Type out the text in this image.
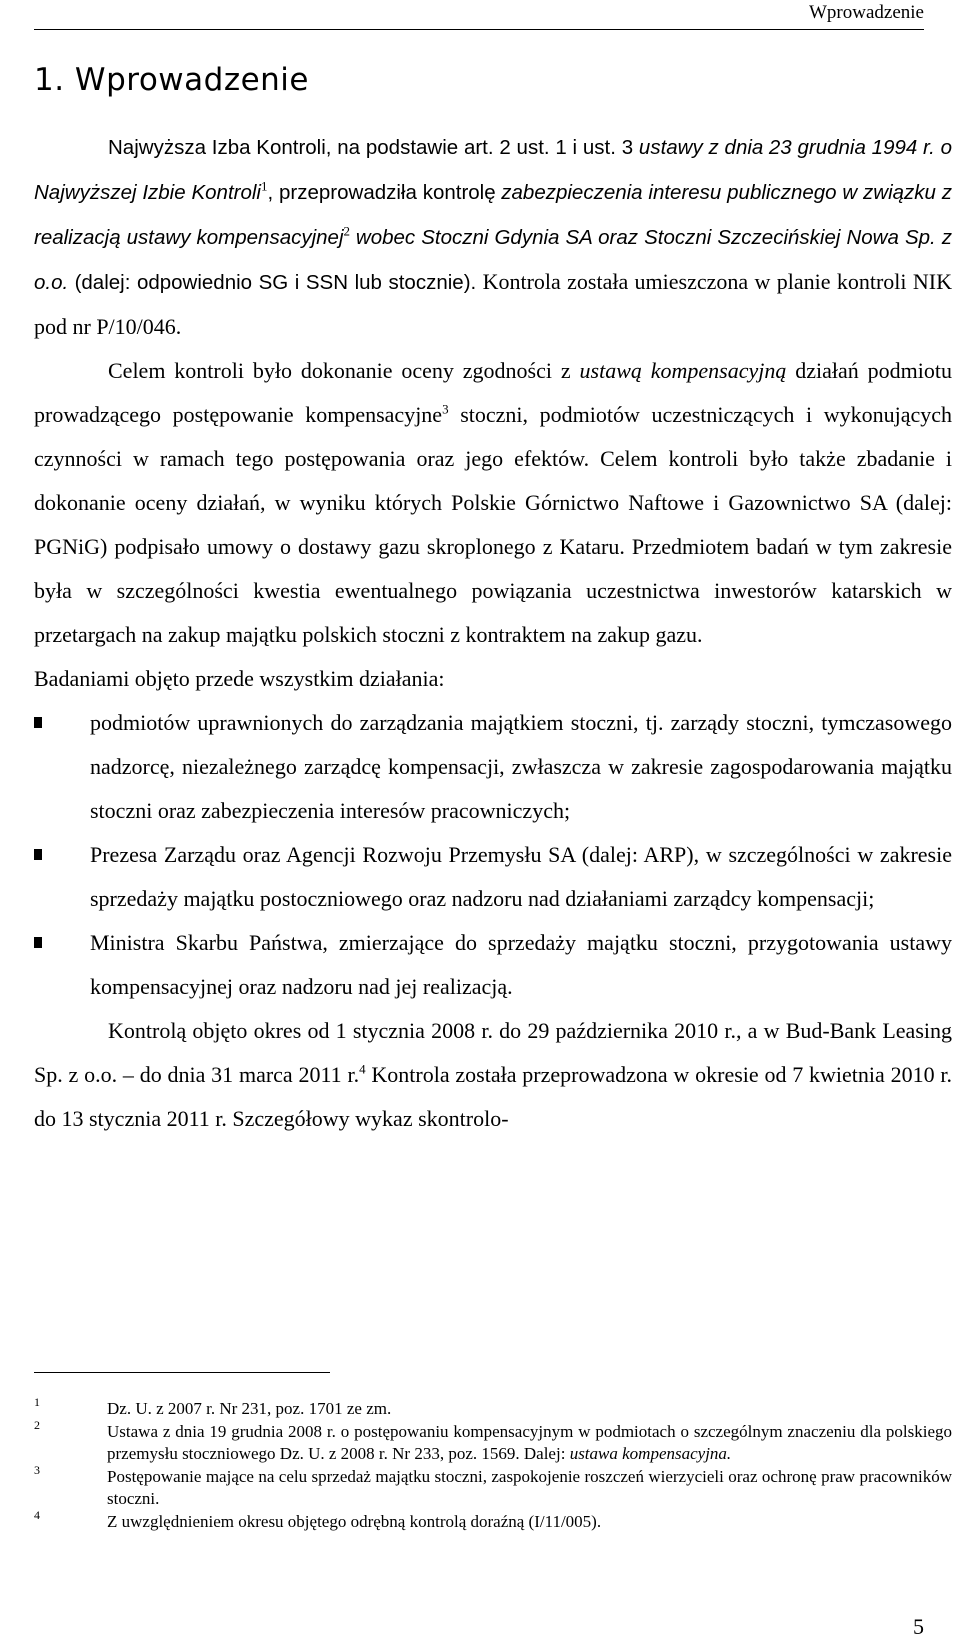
Wprowadzenie
1. Wprowadzenie

Najwyższa Izba Kontroli, na podstawie art. 2 ust. 1 i ust. 3 ustawy z dnia 23 grudnia 1994 r. o Najwyższej Izbie Kontroli$^1$, przeprowadziła kontrolę zabezpieczenia interesu publicznego w związku z realizacją ustawy kompensacyjnej$^2$ wobec Stoczni Gdynia SA oraz Stoczni Szczecińskiej Nowa Sp. z o.o. (dalej: odpowiednio SG i SSN lub stocznie). Kontrola została umieszczona w planie kontroli NIK pod nr P/10/046.

Celem kontroli było dokonanie oceny zgodności z ustawą kompensacyjną działań podmiotu prowadzącego postępowanie kompensacyjne$^3$ stoczni, podmiotów uczestniczących i wykonujących czynności w ramach tego postępowania oraz jego efektów. Celem kontroli było także zbadanie i dokonanie oceny działań, w wyniku których Polskie Górnictwo Naftowe i Gazownictwo SA (dalej: PGNiG) podpisało umowy o dostawy gazu skroplonego z Kataru. Przedmiotem badań w tym zakresie była w szczególności kwestia ewentualnego powiązania uczestnictwa inwestorów katarskich w przetargach na zakup majątku polskich stoczni z kontraktem na zakup gazu.

Badaniami objęto przede wszystkim działania:

podmiotów uprawnionych do zarządzania majątkiem stoczni, tj. zarządy stoczni, tymczasowego nadzorcę, niezależnego zarządcę kompensacji, zwłaszcza w zakresie zagospodarowania majątku stoczni oraz zabezpieczenia interesów pracowniczych;
Prezesa Zarządu oraz Agencji Rozwoju Przemysłu SA (dalej: ARP), w szczególności w zakresie sprzedaży majątku postoczniowego oraz nadzoru nad działaniami zarządcy kompensacji;
Ministra Skarbu Państwa, zmierzające do sprzedaży majątku stoczni, przygotowania ustawy kompensacyjnej oraz nadzoru nad jej realizacją.

Kontrolą objęto okres od 1 stycznia 2008 r. do 29 października 2010 r., a w Bud-Bank Leasing Sp. z o.o. – do dnia 31 marca 2011 r.$^4$ Kontrola została przeprowadzona w okresie od 7 kwietnia 2010 r. do 13 stycznia 2011 r. Szczegółowy wykaz skontrolo-

1	Dz. U. z 2007 r. Nr 231, poz. 1701 ze zm.
2	Ustawa z dnia 19 grudnia 2008 r. o postępowaniu kompensacyjnym w podmiotach o szczególnym znaczeniu dla polskiego przemysłu stoczniowego Dz. U. z 2008 r. Nr 233, poz. 1569. Dalej: ustawa kompensacyjna.
3	Postępowanie mające na celu sprzedaż majątku stoczni, zaspokojenie roszczeń wierzycieli oraz ochronę praw pracowników stoczni.
4	Z uwzględnieniem okresu objętego odrębną kontrolą doraźną (I/11/005).
5
